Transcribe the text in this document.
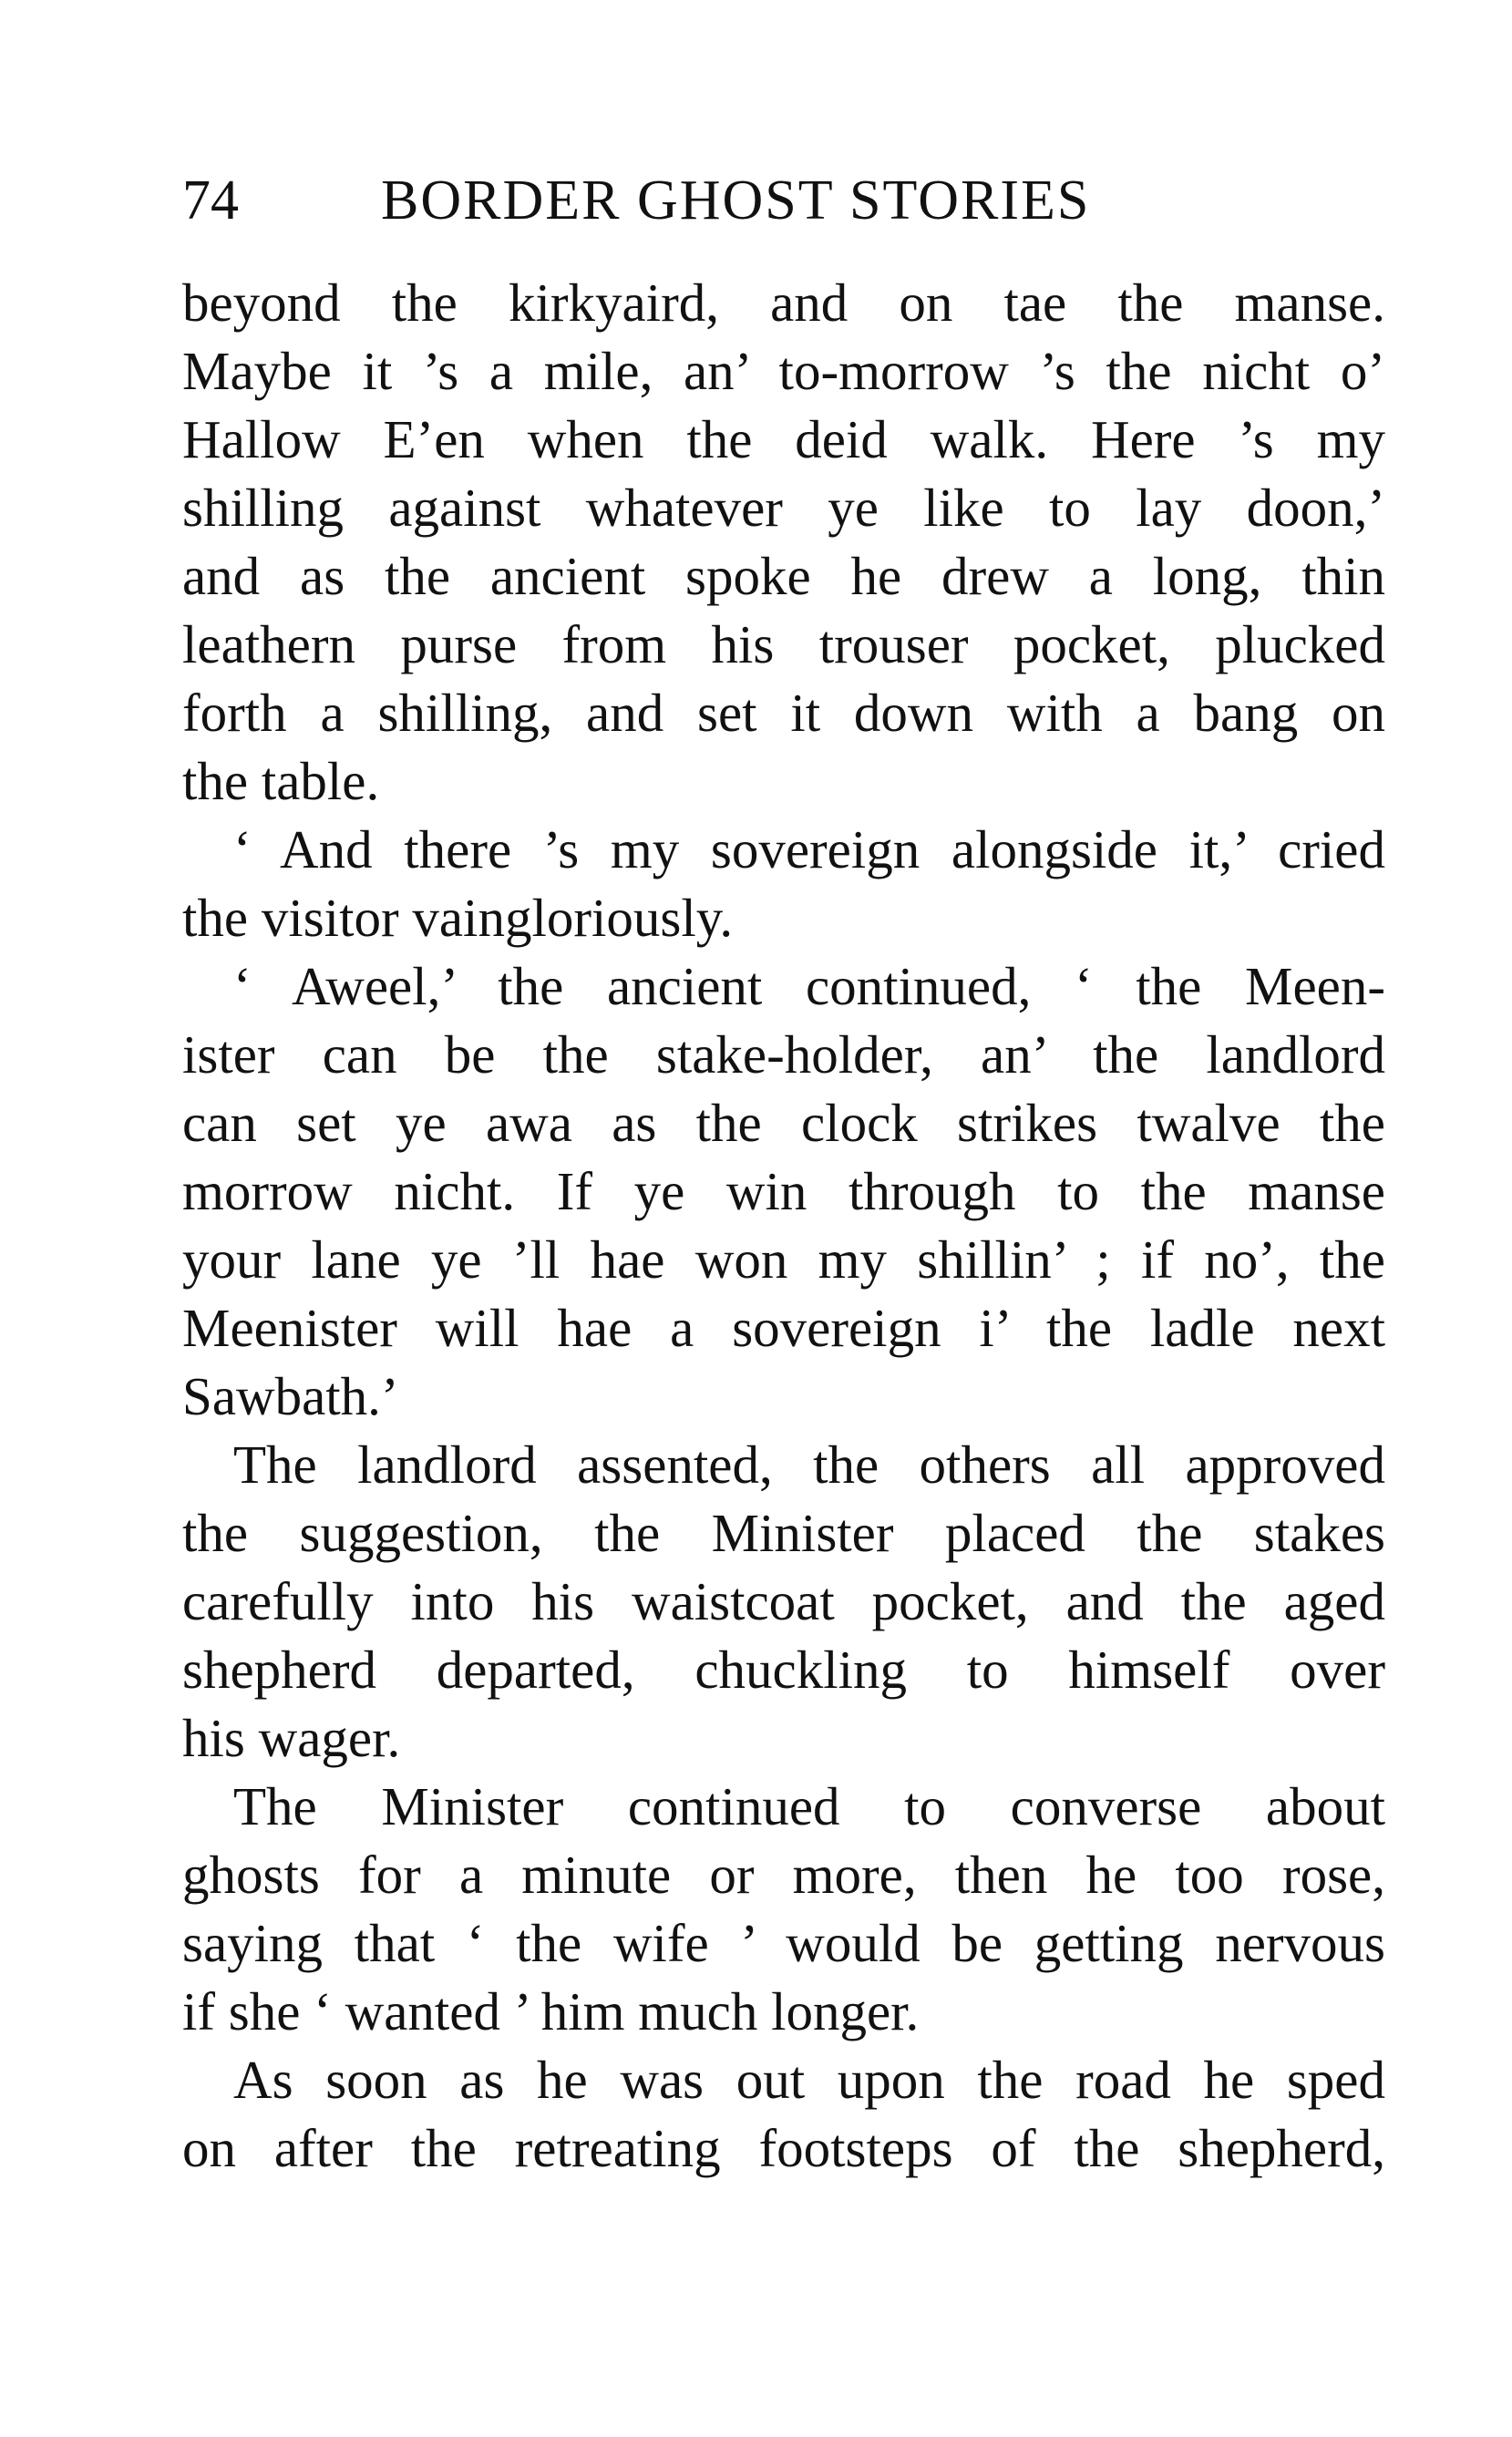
74	BORDER GHOST STORIES
beyond the kirkyaird, and on tae the manse.
Maybe it ’s a mile, an’ to-morrow ’s the nicht o’
Hallow E’en when the deid walk. Here ’s my
shilling against whatever ye like to lay doon,’
and as the ancient spoke he drew a long, thin
leathern purse from his trouser pocket, plucked
forth a shilling, and set it down with a bang on
the table.
‘ And there ’s my sovereign alongside it,’ cried
the visitor vaingloriously.
‘ Aweel,’ the ancient continued, ‘ the Meen-
ister can be the stake-holder, an’ the landlord
can set ye awa as the clock strikes twalve the
morrow nicht. If ye win through to the manse
your lane ye ’ll hae won my shillin’ ; if no’, the
Meenister will hae a sovereign i’ the ladle next
Sawbath.’
The landlord assented, the others all approved
the suggestion, the Minister placed the stakes
carefully into his waistcoat pocket, and the aged
shepherd departed, chuckling to himself over
his wager.
The Minister continued to converse about
ghosts for a minute or more, then he too rose,
saying that ‘ the wife ’ would be getting nervous
if she ‘ wanted ’ him much longer.
As soon as he was out upon the road he sped
on after the retreating footsteps of the shepherd,
